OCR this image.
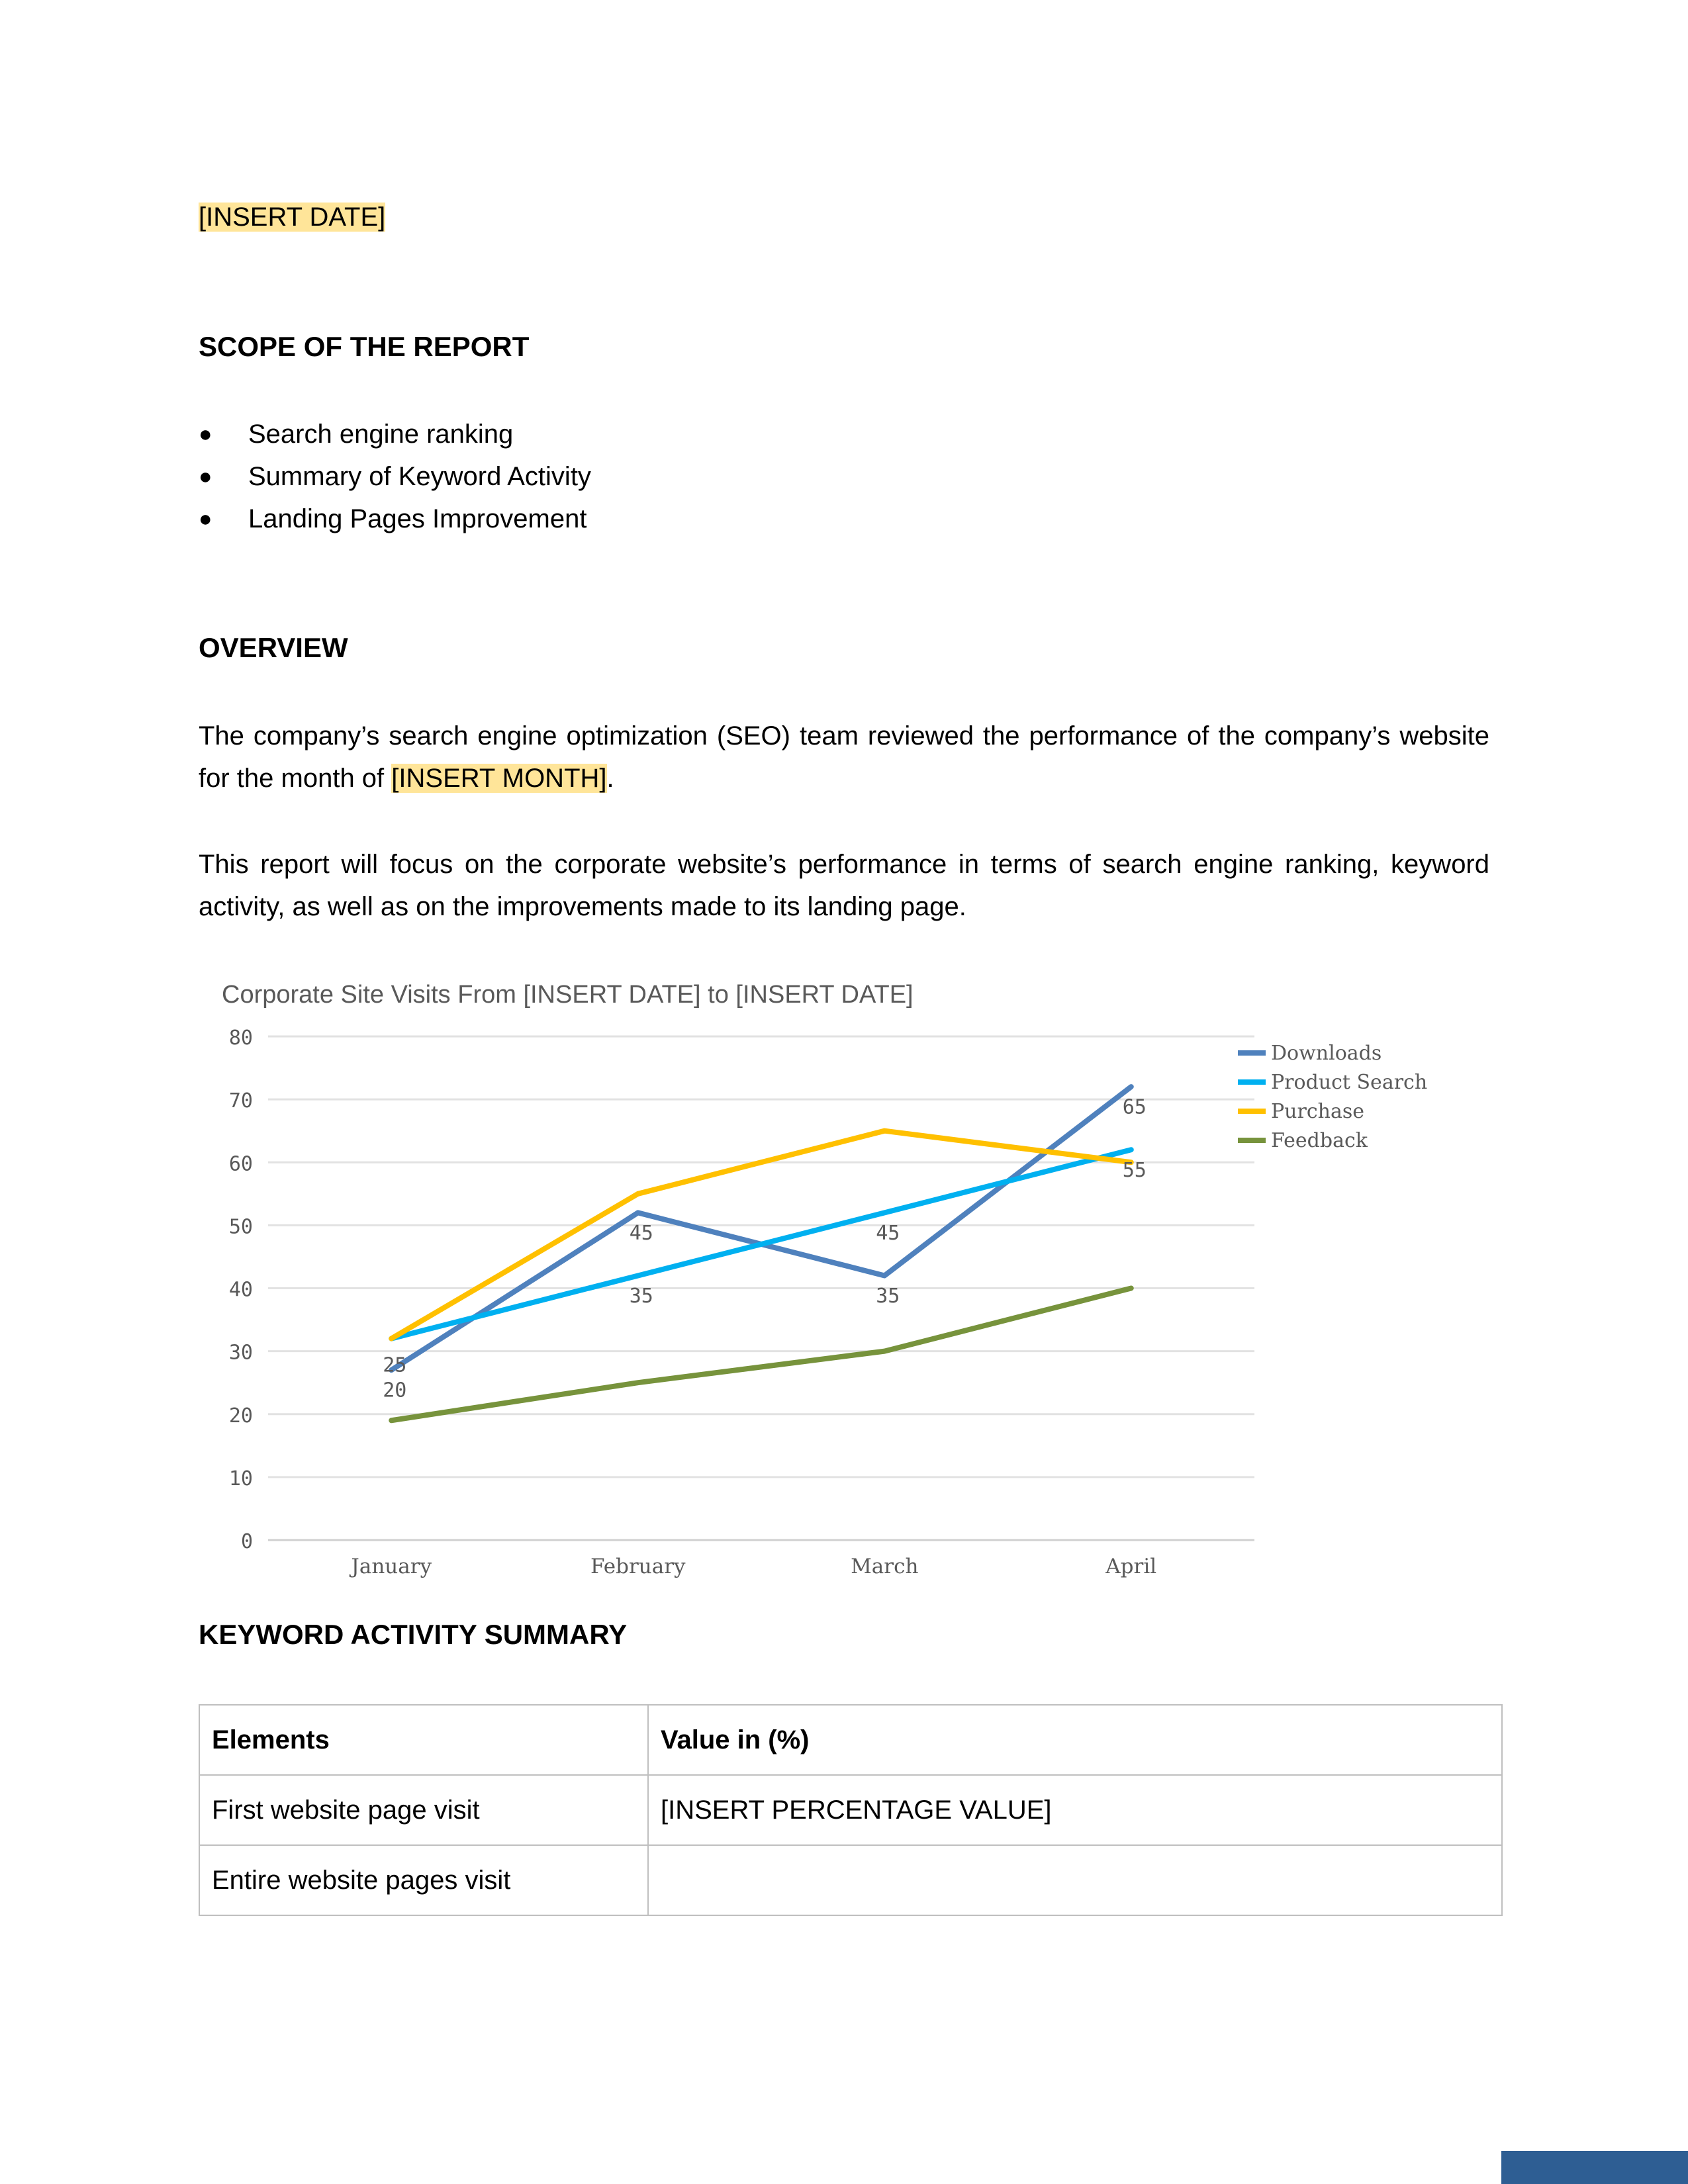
[INSERT DATE]
SCOPE OF THE REPORT
● Search engine ranking
● Summary of Keyword Activity
● Landing Pages Improvement
OVERVIEW

The company’s search engine optimization (SEO) team reviewed the performance of the company’s website for the month of [INSERT MONTH].

This report will focus on the corporate website’s performance in terms of search engine ranking, keyword activity, as well as on the improvements made to its landing page.

Corporate Site Visits From [INSERT DATE] to [INSERT DATE]
0
10
20
30
40
50
60
70
80
January	February	March	April
25
20
45
35
45
35
65
55
Downloads
Product Search
Purchase
Feedback
KEYWORD ACTIVITY SUMMARY
Elements	Value in (%)
First website page visit	[INSERT PERCENTAGE VALUE]
Entire website pages visit	
